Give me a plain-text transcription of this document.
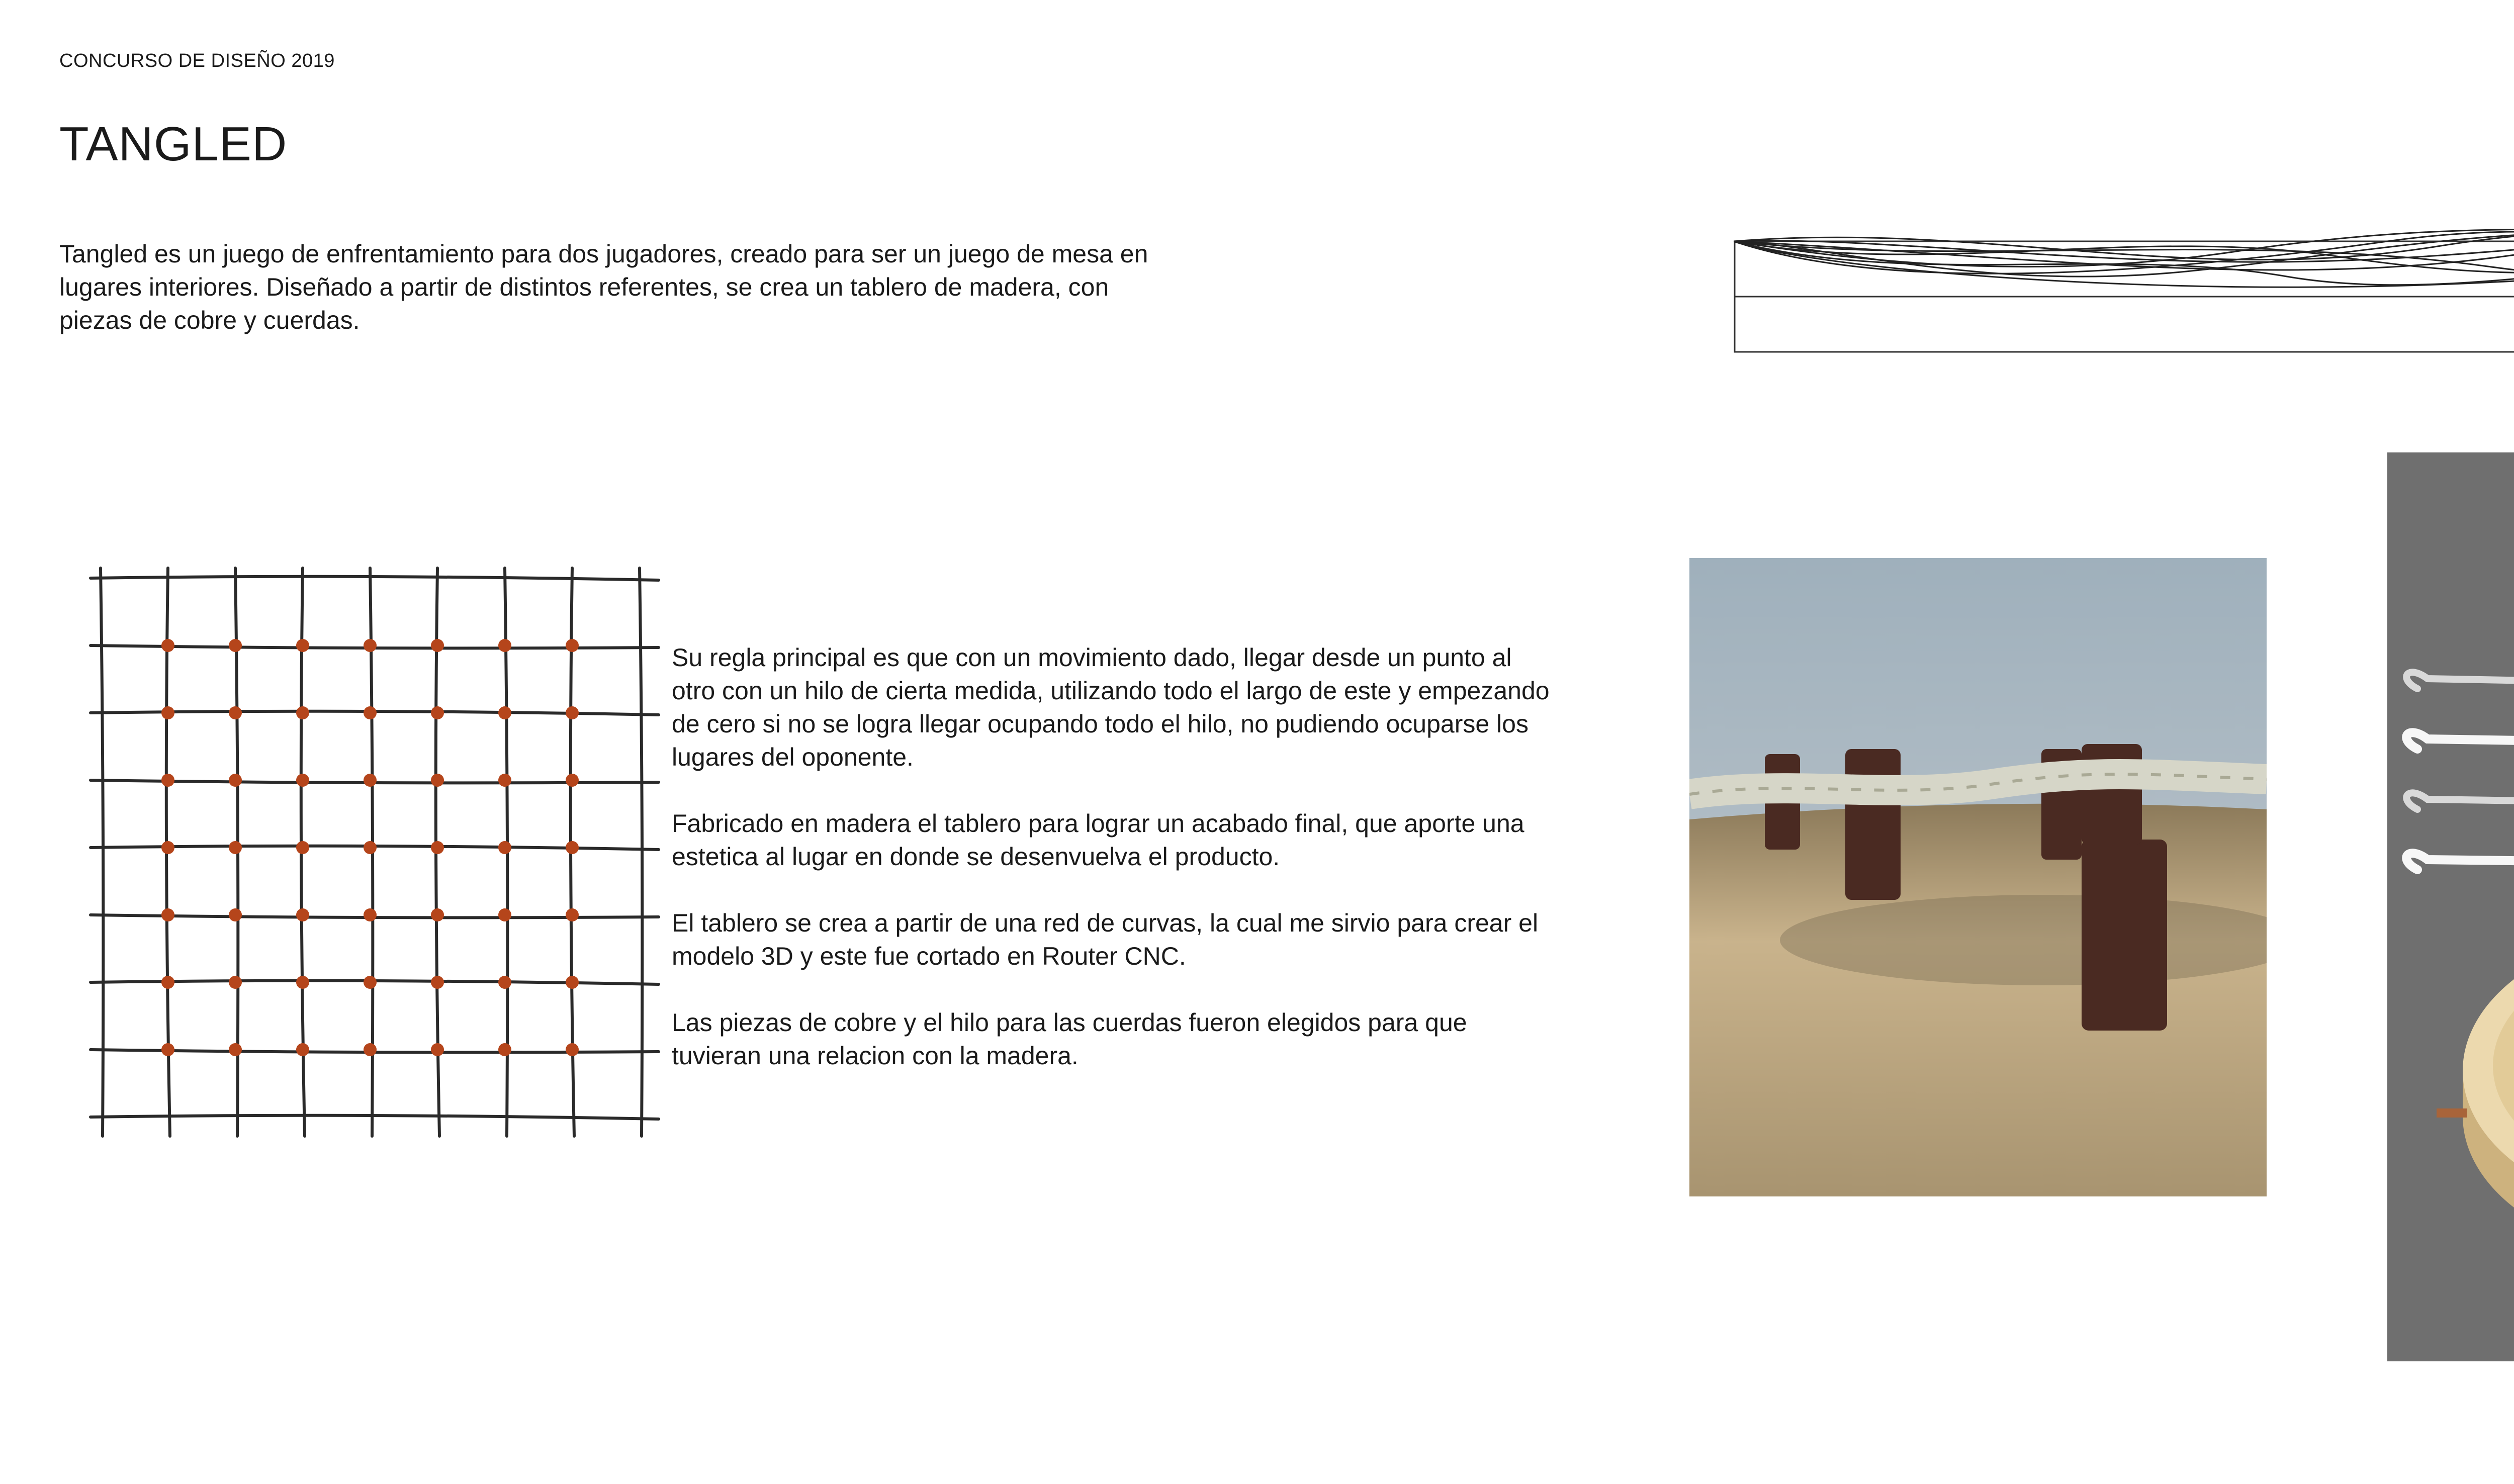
CONCURSO DE DISEÑO 2019
TANGLED

Tangled es un juego de enfrentamiento para dos jugadores, creado para ser un juego de mesa en lugares interiores. Diseñado a partir de distintos referentes, se crea un tablero de madera, con piezas de cobre y cuerdas.

Su regla principal es que con un movimiento dado, llegar desde un punto al otro con un hilo de cierta medida, utilizando todo el largo de este y empezando de cero si no se logra llegar ocupando todo el hilo, no pudiendo ocuparse los lugares del oponente.

Fabricado en madera el tablero para lograr un acabado final, que aporte una estetica al lugar en donde se desenvuelva el producto.

El tablero se crea a partir de una red de curvas, la cual me sirvio para crear el modelo 3D y este fue cortado en Router CNC.

Las piezas de cobre y el hilo para las cuerdas fueron elegidos para que tuvieran una relacion con la madera.
